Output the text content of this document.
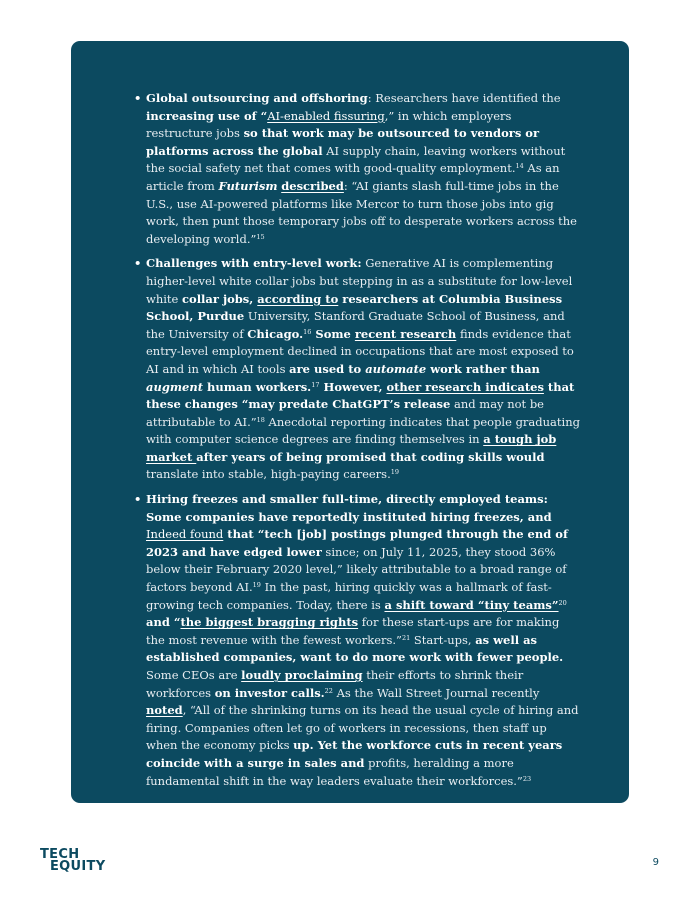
• Global outsourcing and offshoring: Researchers have identified the increasing use of “AI-enabled fissuring,” in which employers restructure jobs so that work may be outsourced to vendors or platforms across the global AI supply chain, leaving workers without the social safety net that comes with good-quality employment.$^{14}$ As an article from Futurism described: “AI giants slash full-time jobs in the U.S., use AI-powered platforms like Mercor to turn those jobs into gig work, then punt those temporary jobs off to desperate workers across the developing world.”$^{15}$
• Challenges with entry-level work: Generative AI is complementing higher-level white collar jobs but stepping in as a substitute for low-level white collar jobs, according to researchers at Columbia Business School, Purdue University, Stanford Graduate School of Business, and the University of Chicago.$^{16}$ Some recent research finds evidence that entry-level employment declined in occupations that are most exposed to AI and in which AI tools are used to automate work rather than augment human workers.$^{17}$ However, other research indicates that these changes “may predate ChatGPT’s release and may not be attributable to AI.”$^{18}$ Anecdotal reporting indicates that people graduating with computer science degrees are finding themselves in a tough job market after years of being promised that coding skills would translate into stable, high-paying careers.$^{19}$
• Hiring freezes and smaller full-time, directly employed teams: Some companies have reportedly instituted hiring freezes, and Indeed found that “tech [job] postings plunged through the end of 2023 and have edged lower since; on July 11, 2025, they stood 36% below their February 2020 level,” likely attributable to a broad range of factors beyond AI.$^{19}$ In the past, hiring quickly was a hallmark of fast-growing tech companies. Today, there is a shift toward “tiny teams”$^{20}$ and “the biggest bragging rights for these start-ups are for making the most revenue with the fewest workers.”$^{21}$ Start-ups, as well as established companies, want to do more work with fewer people. Some CEOs are loudly proclaiming their efforts to shrink their workforces on investor calls.$^{22}$ As the Wall Street Journal recently noted, “All of the shrinking turns on its head the usual cycle of hiring and firing. Companies often let go of workers in recessions, then staff up when the economy picks up. Yet the workforce cuts in recent years coincide with a surge in sales and profits, heralding a more fundamental shift in the way leaders evaluate their workforces.”$^{23}$
TECH
EQUITY	9
